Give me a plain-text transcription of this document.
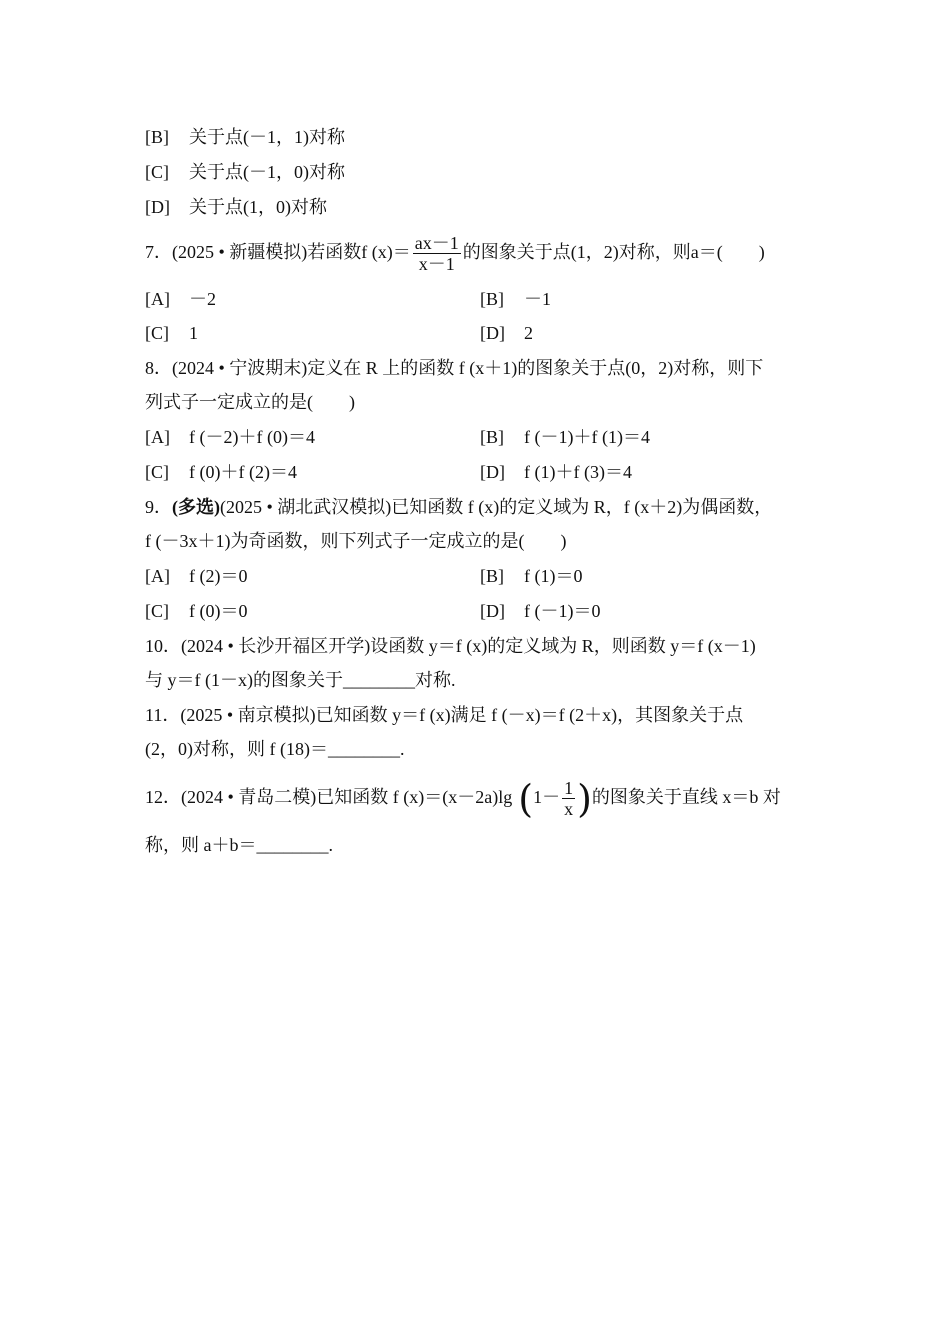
[B] 关于点(－1，1)对称
[C] 关于点(－1，0)对称
[D] 关于点(1，0)对称
7．(2025 • 新疆模拟)若函数f $(x)= \frac{ax-1}{x-1}$ 的图象关于点(1，2)对称，则a＝(　　)
[A] －2	[B] －1
[C] 1	[D] 2
8．(2024 • 宁波期末)定义在 R 上的函数 f (x＋1)的图象关于点(0，2)对称，则下
列式子一定成立的是(　　)
[A] f (－2)＋f (0)＝4	[B] f (－1)＋f (1)＝4
[C] f (0)＋f (2)＝4	[D] f (1)＋f (3)＝4
9．(多选)(2025 • 湖北武汉模拟)已知函数 f (x)的定义域为 R，f (x＋2)为偶函数，
f (－3x＋1)为奇函数，则下列式子一定成立的是(　　)
[A] f (2)＝0	[B] f (1)＝0
[C] f (0)＝0	[D] f (－1)＝0
10．(2024 • 长沙开福区开学)设函数 y＝f (x)的定义域为 R，则函数 y＝f (x－1)
与 y＝f (1－x)的图象关于________对称.
11．(2025 • 南京模拟)已知函数 y＝f (x)满足 f (－x)＝f (2＋x)，其图象关于点
(2，0)对称，则 f (18)＝________.
12．(2024 • 青岛二模)已知函数 f (x)＝(x－2a)lg ($1- \frac{1}{x}$ )的图象关于直线 x＝b 对
称，则 a＋b＝________.
